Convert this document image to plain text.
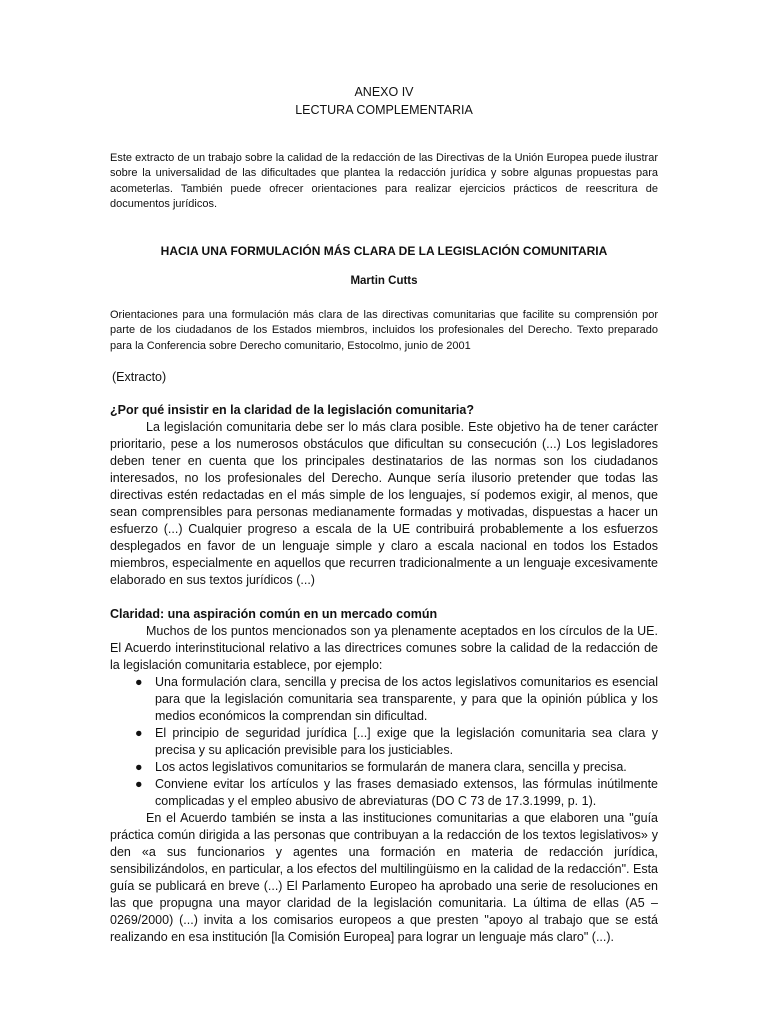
ANEXO IV
LECTURA COMPLEMENTARIA
Este extracto de un trabajo sobre la calidad de la redacción de las Directivas de la Unión Europea puede ilustrar sobre la universalidad de las dificultades que plantea la redacción jurídica y sobre algunas propuestas para acometerlas. También puede ofrecer orientaciones para realizar ejercicios prácticos de reescritura de documentos jurídicos.
HACIA UNA FORMULACIÓN MÁS CLARA DE LA LEGISLACIÓN COMUNITARIA
Martin Cutts
Orientaciones para una formulación más clara de las directivas comunitarias que facilite su comprensión por parte de los ciudadanos de los Estados miembros, incluidos los profesionales del Derecho. Texto preparado para la Conferencia sobre Derecho comunitario, Estocolmo, junio de 2001
(Extracto)
¿Por qué insistir en la claridad de la legislación comunitaria?

La legislación comunitaria debe ser lo más clara posible. Este objetivo ha de tener carácter prioritario, pese a los numerosos obstáculos que dificultan su consecución (...) Los legisladores deben tener en cuenta que los principales destinatarios de las normas son los ciudadanos interesados, no los profesionales del Derecho. Aunque sería ilusorio pretender que todas las directivas estén redactadas en el más simple de los lenguajes, sí podemos exigir, al menos, que sean comprensibles para personas medianamente formadas y motivadas, dispuestas a hacer un esfuerzo (...) Cualquier progreso a escala de la UE contribuirá probablemente a los esfuerzos desplegados en favor de un lenguaje simple y claro a escala nacional en todos los Estados miembros, especialmente en aquellos que recurren tradicionalmente a un lenguaje excesivamente elaborado en sus textos jurídicos (...)

Claridad: una aspiración común en un mercado común

Muchos de los puntos mencionados son ya plenamente aceptados en los círculos de la UE. El Acuerdo interinstitucional relativo a las directrices comunes sobre la calidad de la redacción de la legislación comunitaria establece, por ejemplo:

● Una formulación clara, sencilla y precisa de los actos legislativos comunitarios es esencial para que la legislación comunitaria sea transparente, y para que la opinión pública y los medios económicos la comprendan sin dificultad.
● El principio de seguridad jurídica [...] exige que la legislación comunitaria sea clara y precisa y su aplicación previsible para los justiciables.
● Los actos legislativos comunitarios se formularán de manera clara, sencilla y precisa.
● Conviene evitar los artículos y las frases demasiado extensos, las fórmulas inútilmente complicadas y el empleo abusivo de abreviaturas (DO C 73 de 17.3.1999, p. 1).

En el Acuerdo también se insta a las instituciones comunitarias a que elaboren una "guía práctica común dirigida a las personas que contribuyan a la redacción de los textos legislativos» y den «a sus funcionarios y agentes una formación en materia de redacción jurídica, sensibilizándolos, en particular, a los efectos del multilingüismo en la calidad de la redacción". Esta guía se publicará en breve (...) El Parlamento Europeo ha aprobado una serie de resoluciones en las que propugna una mayor claridad de la legislación comunitaria. La última de ellas (A5 – 0269/2000) (...) invita a los comisarios europeos a que presten "apoyo al trabajo que se está realizando en esa institución [la Comisión Europea] para lograr un lenguaje más claro" (...).
